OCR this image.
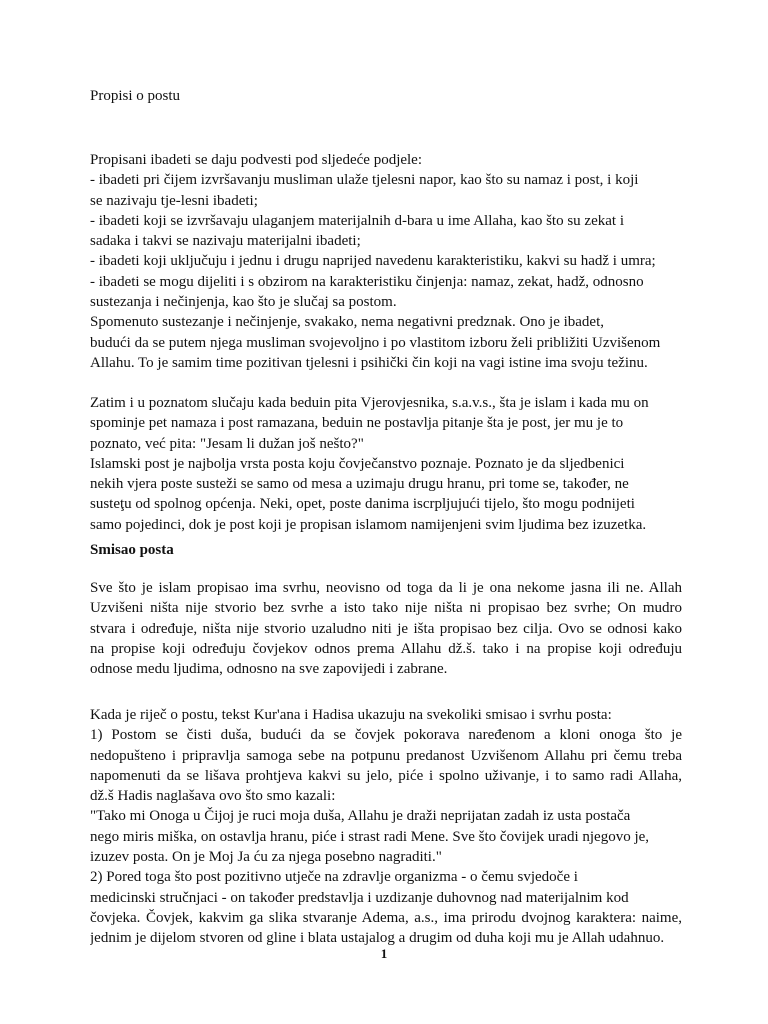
Propisi o postu
Propisani ibadeti se daju podvesti pod sljedeće podjele:
- ibadeti pri čijem izvršavanju musliman ulaže tjelesni napor, kao što su namaz i post, i koji
se nazivaju tje-lesni ibadeti;
- ibadeti koji se izvršavaju ulaganjem materijalnih d-bara u ime Allaha, kao što su zekat i
sadaka i takvi se nazivaju materijalni ibadeti;
- ibadeti koji uključuju i jednu i drugu naprijed navedenu karakteristiku, kakvi su hadž i umra;
- ibadeti se mogu dijeliti i s obzirom na karakteristiku činjenja: namaz, zekat, hadž, odnosno
sustezanja i nečinjenja, kao što je slučaj sa postom.
Spomenuto sustezanje i nečinjenje, svakako, nema negativni predznak. Ono je ibadet,
budući da se putem njega musliman svojevoljno i po vlastitom izboru želi približiti Uzvišenom
Allahu. To je samim time pozitivan tjelesni i psihički čin koji na vagi istine ima svoju težinu.
Zatim i u poznatom slučaju kada beduin pita Vjerovjesnika, s.a.v.s., šta je islam i kada mu on
spominje pet namaza i post ramazana, beduin ne postavlja pitanje šta je post, jer mu je to
poznato, već pita: "Jesam li dužan još nešto?"
Islamski post je najbolja vrsta posta koju čovječanstvo poznaje. Poznato je da sljedbenici
nekih vjera poste susteži se samo od mesa a uzimaju drugu hranu, pri tome se, također, ne
susteţu od spolnog općenja. Neki, opet, poste danima iscrpljujući tijelo, što mogu podnijeti
samo pojedinci, dok je post koji je propisan islamom namijenjeni svim ljudima bez izuzetka.
Smisao posta
Sve što je islam propisao ima svrhu, neovisno od toga da li je ona nekome jasna ili ne. Allah
Uzvišeni ništa nije stvorio bez svrhe a isto tako nije ništa ni propisao bez svrhe; On mudro
stvara i određuje, ništa nije stvorio uzaludno niti je išta propisao bez cilja. Ovo se odnosi kako
na propise koji određuju čovjekov odnos prema Allahu dž.š. tako i na propise koji određuju
odnose medu ljudima, odnosno na sve zapovijedi i zabrane.
Kada je riječ o postu, tekst Kur'ana i Hadisa ukazuju na svekoliki smisao i svrhu posta:
1) Postom se čisti duša, budući da se čovjek pokorava naređenom a kloni onoga što je
nedopušteno i pripravlja samoga sebe na potpunu predanost Uzvišenom Allahu pri čemu treba
napomenuti da se lišava prohtjeva kakvi su jelo, piće i spolno uživanje, i to samo radi Allaha,
dž.š Hadis naglašava ovo što smo kazali:
"Tako mi Onoga u Čijoj je ruci moja duša, Allahu je draži neprijatan zadah iz usta postača
nego miris miška, on ostavlja hranu, piće i strast radi Mene. Sve što čovijek uradi njegovo je,
izuzev posta. On je Moj Ja ću za njega posebno nagraditi."
2) Pored toga što post pozitivno utječe na zdravlje organizma - o čemu svjedoče i
medicinski stručnjaci - on također predstavlja i uzdizanje duhovnog nad materijalnim kod
čovjeka. Čovjek, kakvim ga slika stvaranje Adema, a.s., ima prirodu dvojnog karaktera: naime,
jednim je dijelom stvoren od gline i blata ustajalog a drugim od duha koji mu je Allah udahnuo.
1
